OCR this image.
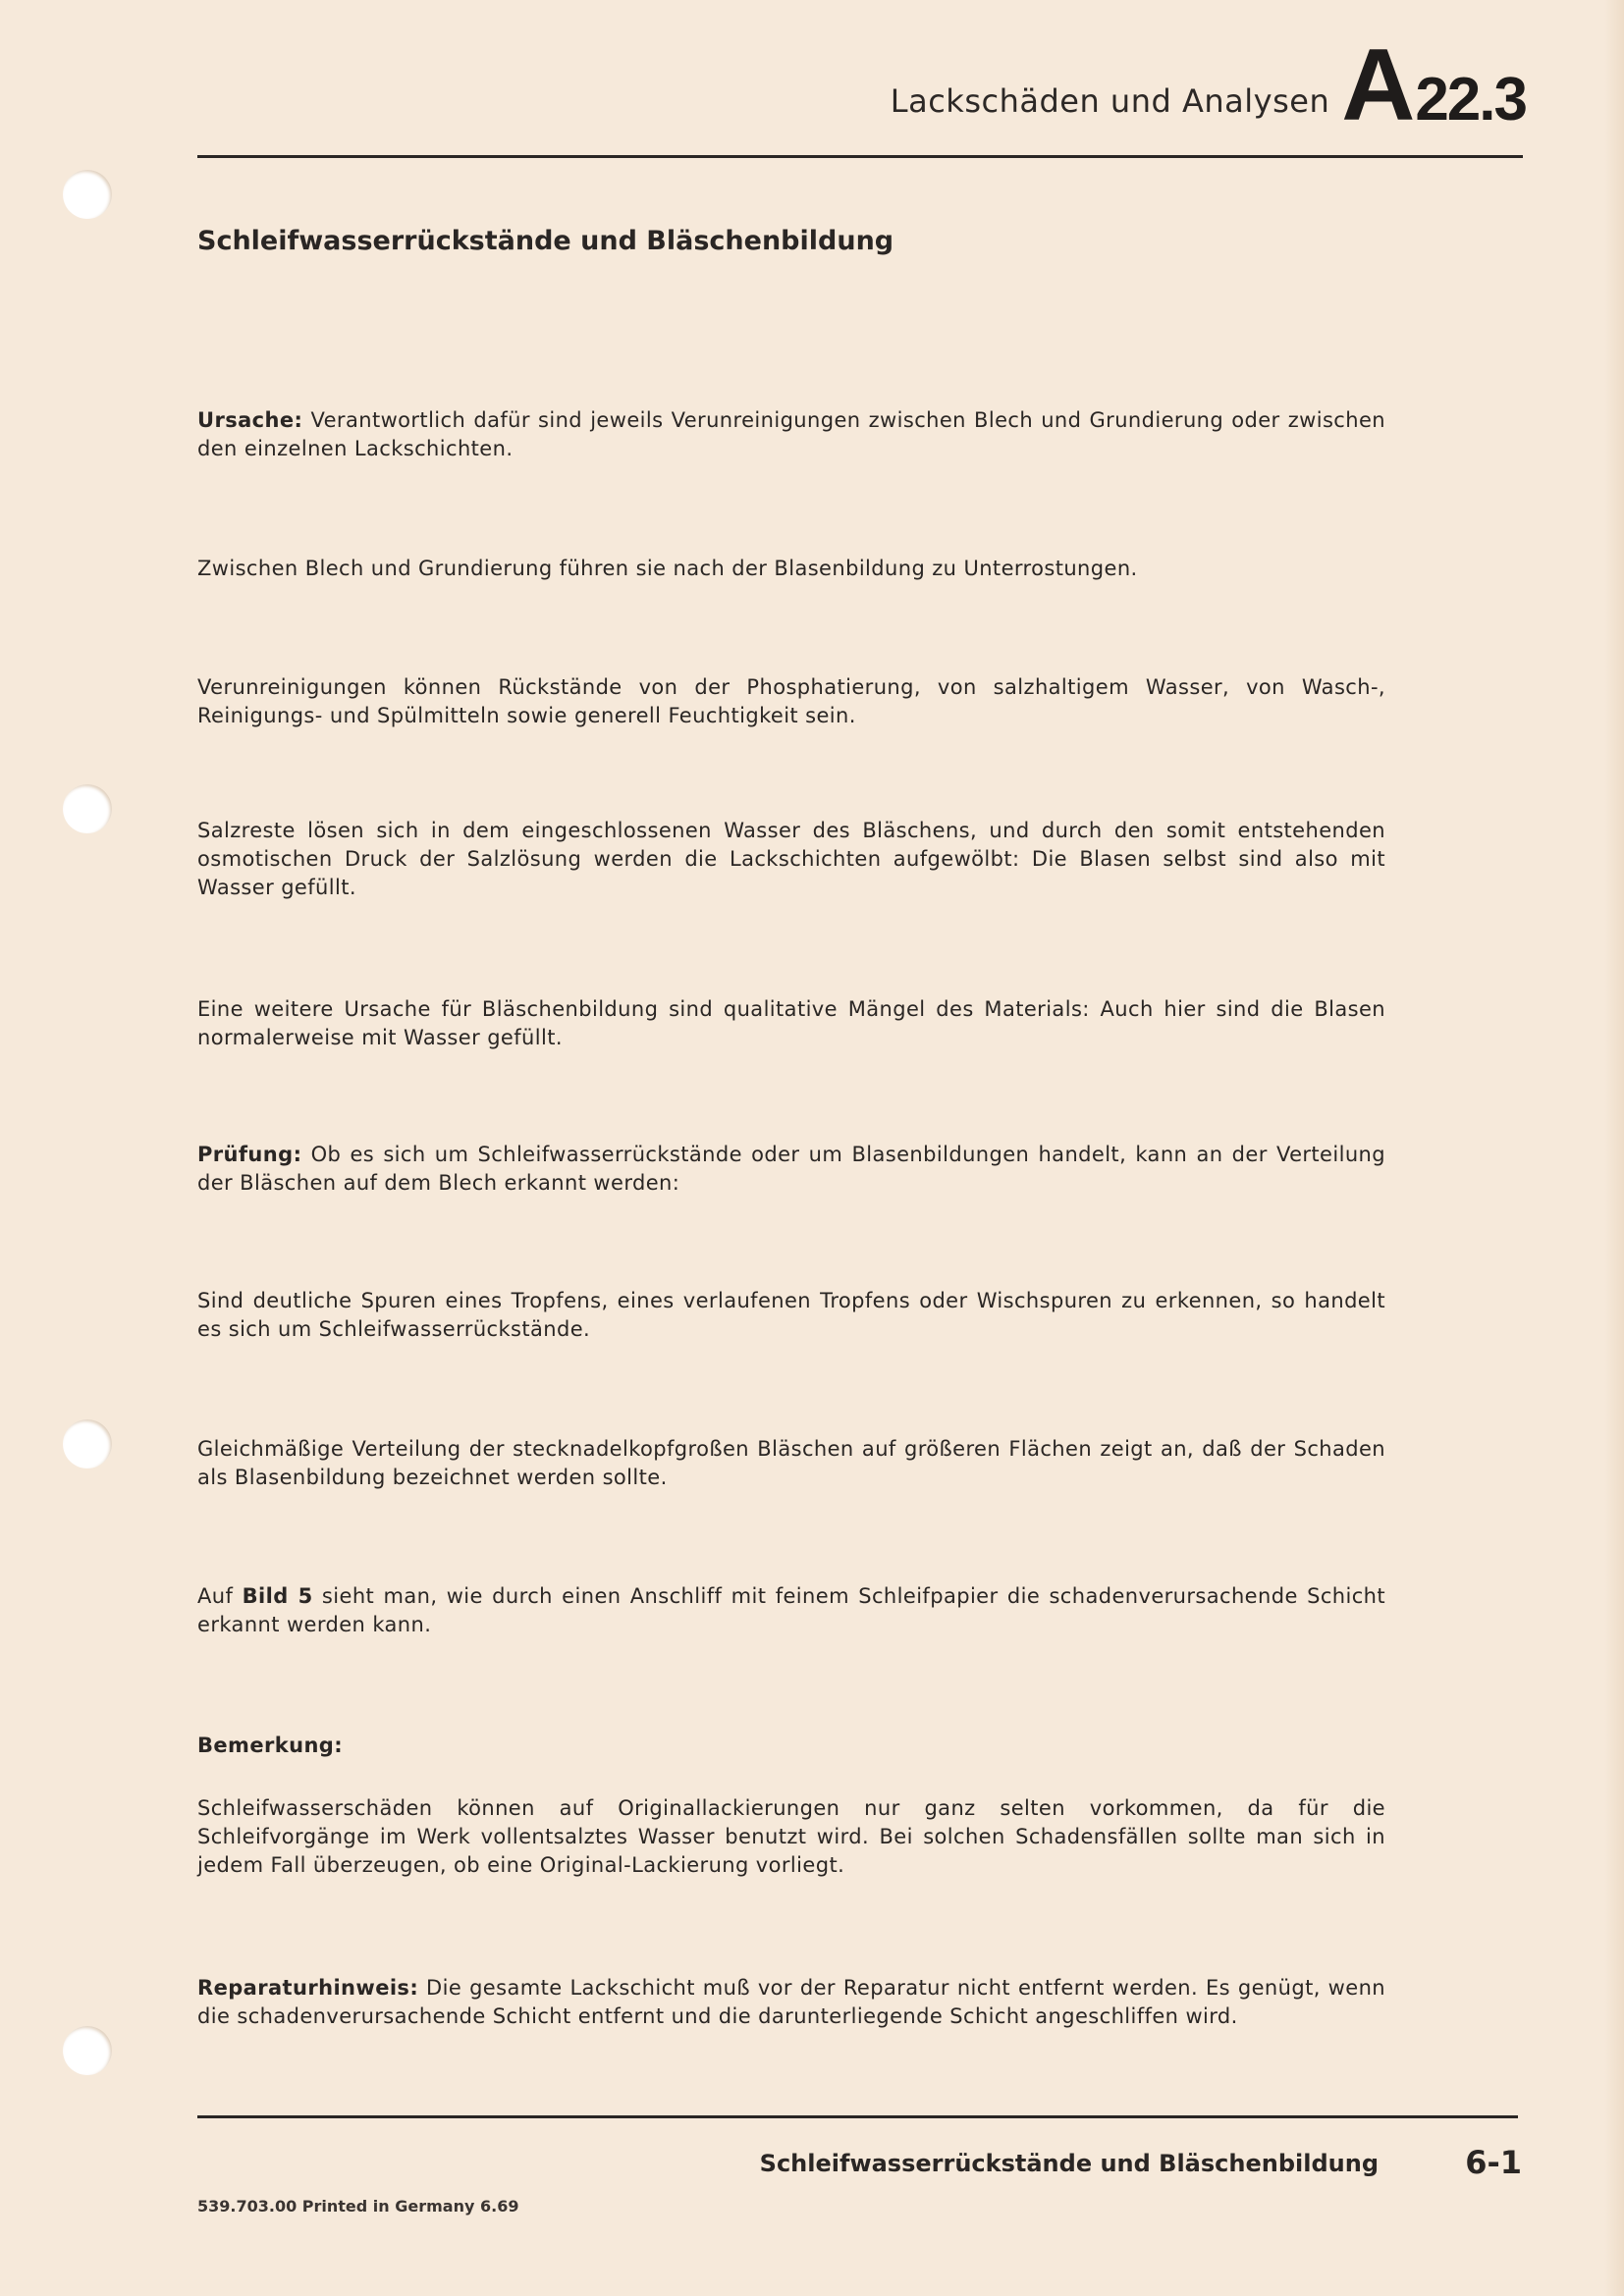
Lackschäden und Analysen A 22.3
Schleifwasserrückstände und Bläschenbildung
Ursache: Verantwortlich dafür sind jeweils Verunreinigungen zwischen Blech und Grundierung oder zwischen den einzelnen Lackschichten.
Zwischen Blech und Grundierung führen sie nach der Blasenbildung zu Unterrostungen.
Verunreinigungen können Rückstände von der Phosphatierung, von salzhaltigem Wasser, von Wasch-, Reinigungs- und Spülmitteln sowie generell Feuchtigkeit sein.
Salzreste lösen sich in dem eingeschlossenen Wasser des Bläschens, und durch den somit entstehenden osmotischen Druck der Salzlösung werden die Lackschichten aufgewölbt: Die Blasen selbst sind also mit Wasser gefüllt.
Eine weitere Ursache für Bläschenbildung sind qualitative Mängel des Materials: Auch hier sind die Blasen normalerweise mit Wasser gefüllt.
Prüfung: Ob es sich um Schleifwasserrückstände oder um Blasenbildungen handelt, kann an der Verteilung der Bläschen auf dem Blech erkannt werden:
Sind deutliche Spuren eines Tropfens, eines verlaufenen Tropfens oder Wischspuren zu erkennen, so handelt es sich um Schleifwasserrückstände.
Gleichmäßige Verteilung der stecknadelkopfgroßen Bläschen auf größeren Flächen zeigt an, daß der Schaden als Blasenbildung bezeichnet werden sollte.
Auf Bild 5 sieht man, wie durch einen Anschliff mit feinem Schleifpapier die schadenverursachende Schicht erkannt werden kann.
Bemerkung:
Schleifwasserschäden können auf Originallackierungen nur ganz selten vorkommen, da für die Schleifvorgänge im Werk vollentsalztes Wasser benutzt wird. Bei solchen Schadensfällen sollte man sich in jedem Fall überzeugen, ob eine Original-Lackierung vorliegt.
Reparaturhinweis: Die gesamte Lackschicht muß vor der Reparatur nicht entfernt werden. Es genügt, wenn die schadenverursachende Schicht entfernt und die darunterliegende Schicht angeschliffen wird.
Schleifwasserrückstände und Bläschenbildung	6-1
539.703.00 Printed in Germany 6.69
